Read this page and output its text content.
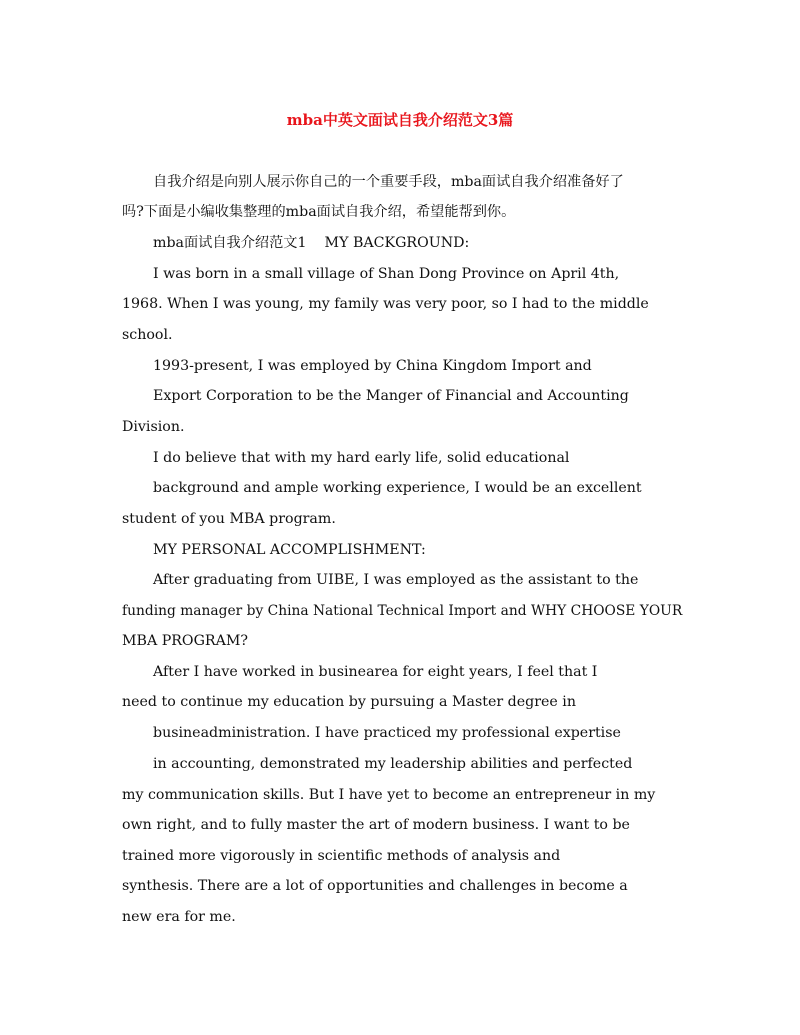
mba中英文面试自我介绍范文3篇
自我介绍是向别人展示你自己的一个重要手段，mba面试自我介绍准备好了
吗?下面是小编收集整理的mba面试自我介绍，希望能帮到你。
mba面试自我介绍范文1    MY BACKGROUND:
I was born in a small village of Shan Dong Province on April 4th,
1968. When I was young, my family was very poor, so I had to the middle
school.
1993-present, I was employed by China Kingdom Import and
Export Corporation to be the Manger of Financial and Accounting
Division.
I do believe that with my hard early life, solid educational
background and ample working experience, I would be an excellent
student of you MBA program.
MY PERSONAL ACCOMPLISHMENT:
After graduating from UIBE, I was employed as the assistant to the
funding manager by China National Technical Import and WHY CHOOSE YOUR
MBA PROGRAM?
After I have worked in businearea for eight years, I feel that I
need to continue my education by pursuing a Master degree in
busineadministration. I have practiced my professional expertise
in accounting, demonstrated my leadership abilities and perfected
my communication skills. But I have yet to become an entrepreneur in my
own right, and to fully master the art of modern business. I want to be
trained more vigorously in scientific methods of analysis and
synthesis. There are a lot of opportunities and challenges in become a
new era for me.
